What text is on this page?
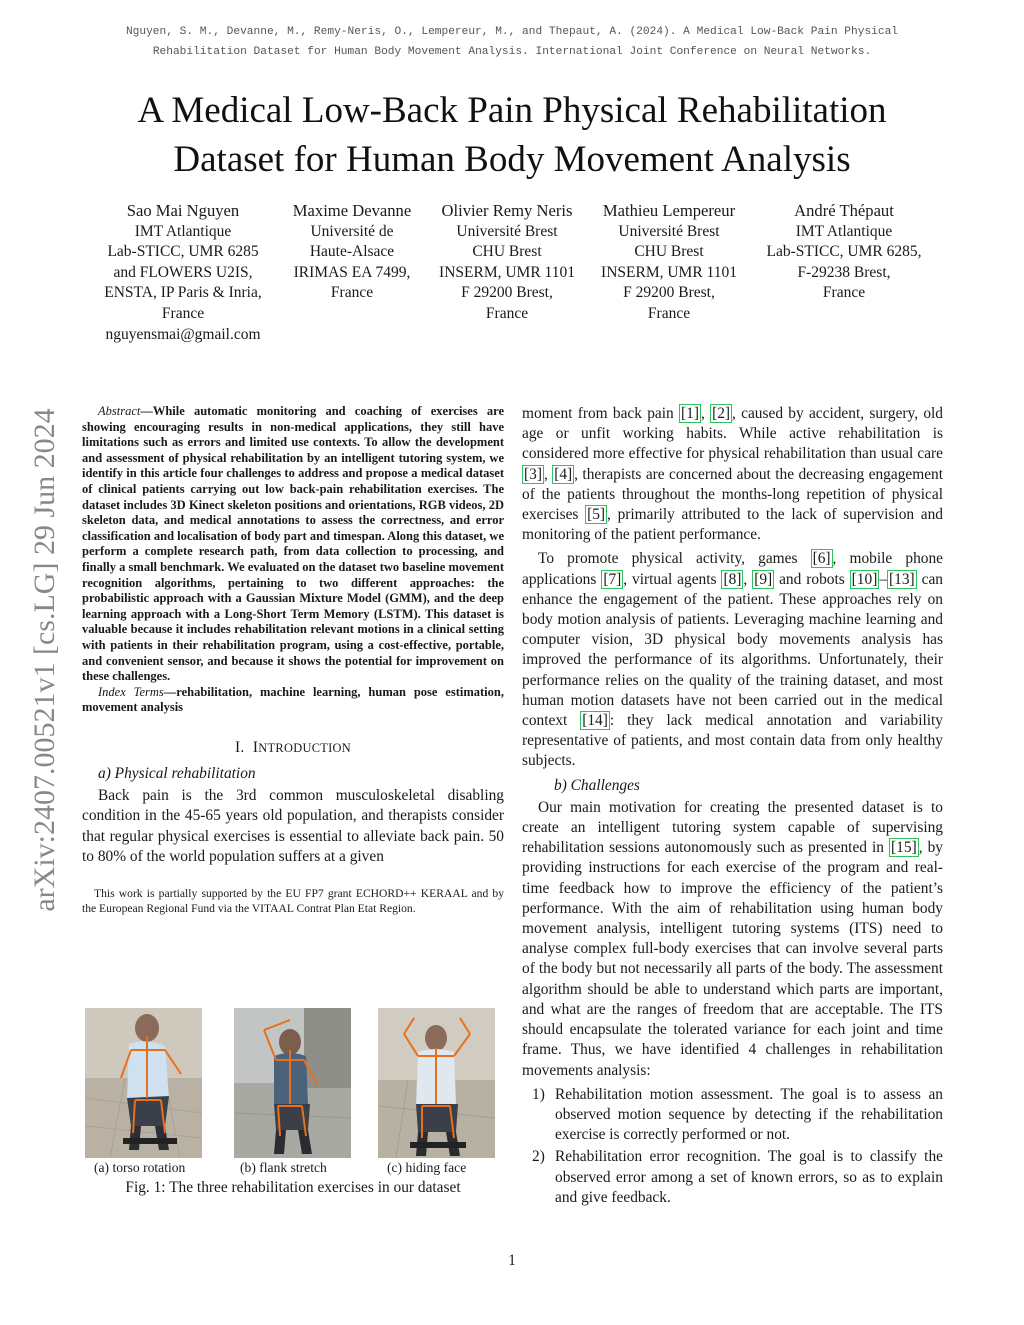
Nguyen, S. M., Devanne, M., Remy-Neris, O., Lempereur, M., and Thepaut, A. (2024). A Medical Low-Back Pain Physical
Rehabilitation Dataset for Human Body Movement Analysis. International Joint Conference on Neural Networks.
A Medical Low-Back Pain Physical Rehabilitation
Dataset for Human Body Movement Analysis
Sao Mai Nguyen
IMT Atlantique
Lab-STICC, UMR 6285
and FLOWERS U2IS,
ENSTA, IP Paris & Inria,
France
nguyensmai@gmail.com
Maxime Devanne
Université de
Haute-Alsace
IRIMAS EA 7499,
France
Olivier Remy Neris
Université Brest
CHU Brest
INSERM, UMR 1101
F 29200 Brest,
France
Mathieu Lempereur
Université Brest
CHU Brest
INSERM, UMR 1101
F 29200 Brest,
France
André Thépaut
IMT Atlantique
Lab-STICC, UMR 6285,
F-29238 Brest,
France
arXiv:2407.00521v1 [cs.LG] 29 Jun 2024	Abstract—While automatic monitoring and coaching of exercises are showing encouraging results in non-medical applications, they still have limitations such as errors and limited use contexts. To allow the development and assessment of physical rehabilitation by an intelligent tutoring system, we identify in this article four challenges to address and propose a medical dataset of clinical patients carrying out low back-pain rehabilitation exercises. The dataset includes 3D Kinect skeleton positions and orientations, RGB videos, 2D skeleton data, and medical annotations to assess the correctness, and error classification and localisation of body part and timespan. Along this dataset, we perform a complete research path, from data collection to processing, and finally a small benchmark. We evaluated on the dataset two baseline movement recognition algorithms, pertaining to two different approaches: the probabilistic approach with a Gaussian Mixture Model (GMM), and the deep learning approach with a Long-Short Term Memory (LSTM). This dataset is valuable because it includes rehabilitation relevant motions in a clinical setting with patients in their rehabilitation program, using a cost-effective, portable, and convenient sensor, and because it shows the potential for improvement on these challenges.

Index Terms—rehabilitation, machine learning, human pose estimation, movement analysis

I. INTRODUCTION
a) Physical rehabilitation

Back pain is the 3rd common musculoskeletal disabling condition in the 45-65 years old population, and therapists consider that regular physical exercises is essential to alleviate back pain. 50 to 80% of the world population suffers at a given

This work is partially supported by the EU FP7 grant ECHORD++ KERAAL and by the European Regional Fund via the VITAAL Contrat Plan Etat Region.
(a) torso rotation	(b) flank stretch	(c) hiding face
Fig. 1: The three rehabilitation exercises in our dataset

moment from back pain [1] , [2] , caused by accident, surgery, old age or unfit working habits. While active rehabilitation is considered more effective for physical rehabilitation than usual care [3] , [4] , therapists are concerned about the decreasing engagement of the patients throughout the months-long repetition of physical exercises [5] , primarily attributed to the lack of supervision and monitoring of the patient performance.

To promote physical activity, games [6] , mobile phone applications [7] , virtual agents [8] , [9] and robots [10] – [13] can enhance the engagement of the patient. These approaches rely on body motion analysis of patients. Leveraging machine learning and computer vision, 3D physical body movements analysis has improved the performance of its algorithms. Unfortunately, their performance relies on the quality of the training dataset, and most human motion datasets have not been carried out in the medical context [14] : they lack medical annotation and variability representative of patients, and most contain data from only healthy subjects.

b) Challenges

Our main motivation for creating the presented dataset is to create an intelligent tutoring system capable of supervising rehabilitation sessions autonomously such as presented in [15] , by providing instructions for each exercise of the program and real-time feedback how to improve the efficiency of the patient’s performance. With the aim of rehabilitation using human body movement analysis, intelligent tutoring systems (ITS) need to analyse complex full-body exercises that can involve several parts of the body but not necessarily all parts of the body. The assessment algorithm should be able to understand which parts are important, and what are the ranges of freedom that are acceptable. The ITS should encapsulate the tolerated variance for each joint and time frame. Thus, we have identified 4 challenges in rehabilitation movements analysis:

1) Rehabilitation motion assessment. The goal is to assess an observed motion sequence by detecting if the rehabilitation exercise is correctly performed or not.
2) Rehabilitation error recognition. The goal is to classify the observed error among a set of known errors, so as to explain and give feedback.
1
